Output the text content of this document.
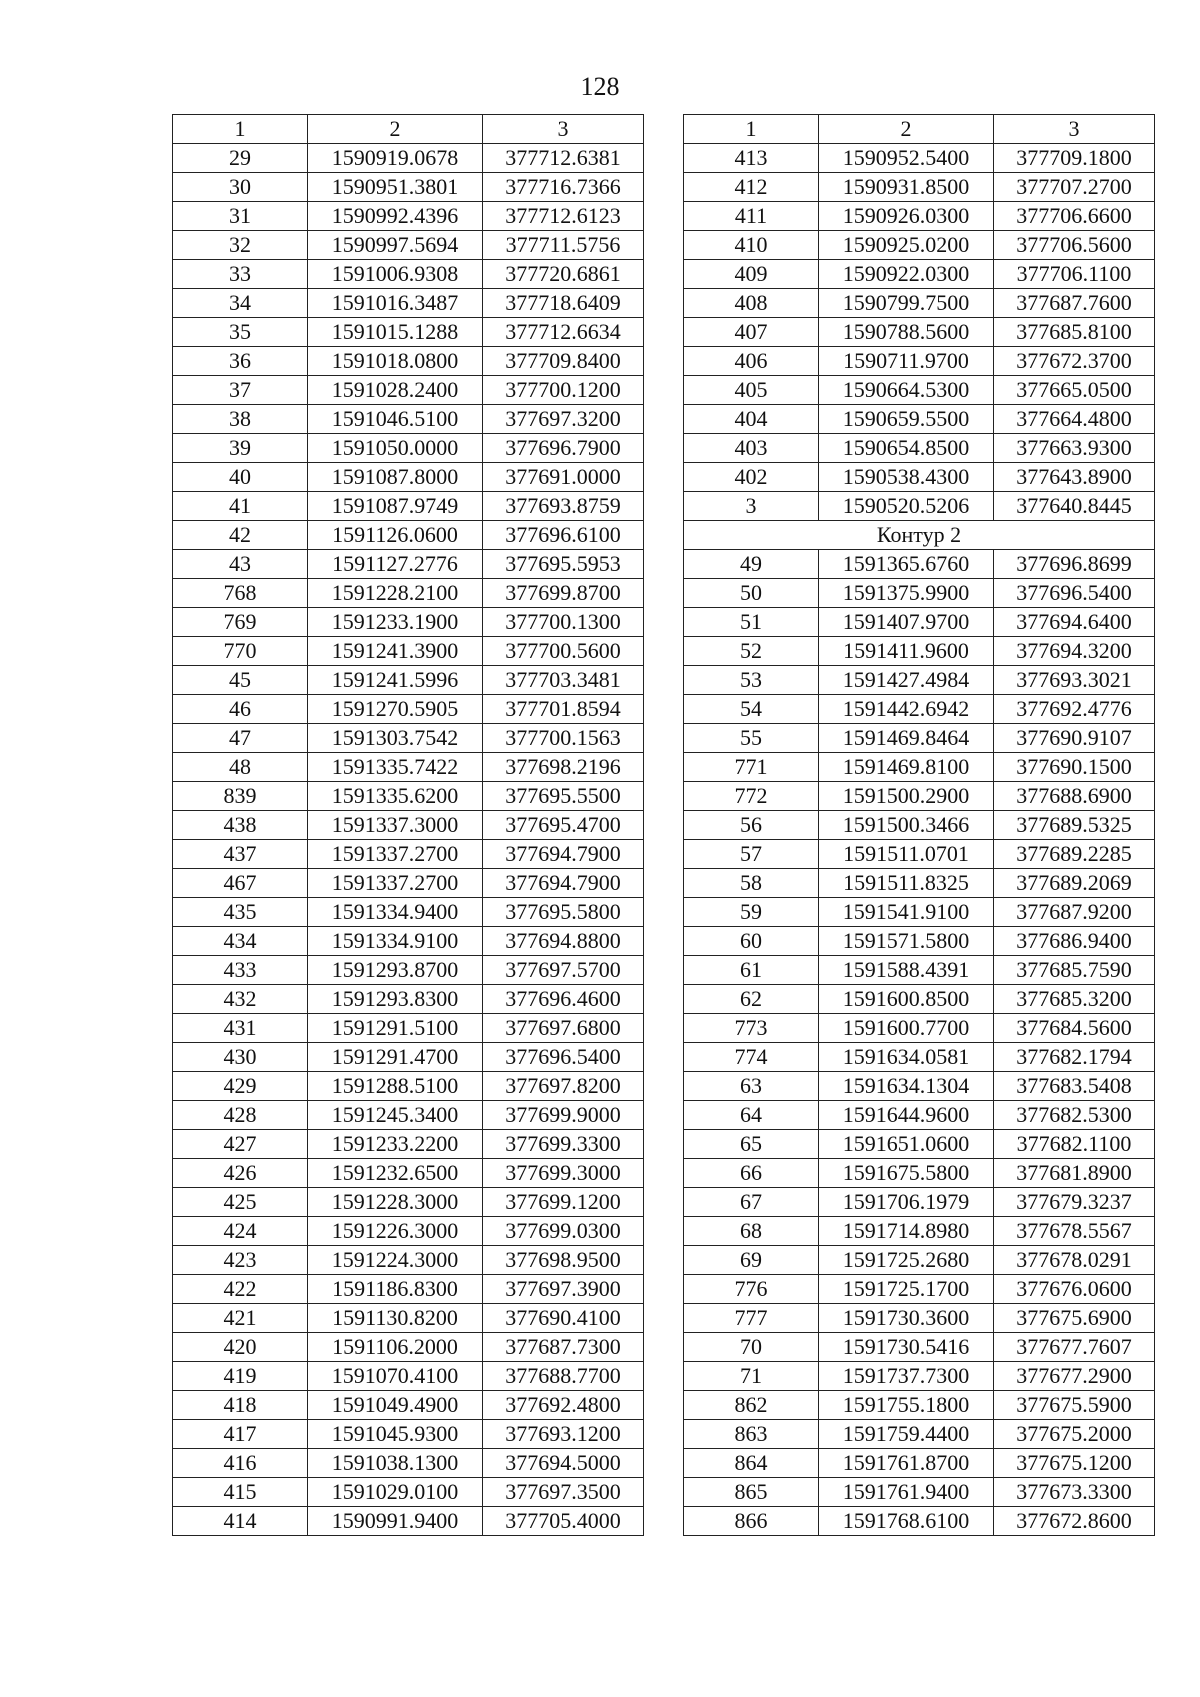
128
1	2	3
29	1590919.0678	377712.6381
30	1590951.3801	377716.7366
31	1590992.4396	377712.6123
32	1590997.5694	377711.5756
33	1591006.9308	377720.6861
34	1591016.3487	377718.6409
35	1591015.1288	377712.6634
36	1591018.0800	377709.8400
37	1591028.2400	377700.1200
38	1591046.5100	377697.3200
39	1591050.0000	377696.7900
40	1591087.8000	377691.0000
41	1591087.9749	377693.8759
42	1591126.0600	377696.6100
43	1591127.2776	377695.5953
768	1591228.2100	377699.8700
769	1591233.1900	377700.1300
770	1591241.3900	377700.5600
45	1591241.5996	377703.3481
46	1591270.5905	377701.8594
47	1591303.7542	377700.1563
48	1591335.7422	377698.2196
839	1591335.6200	377695.5500
438	1591337.3000	377695.4700
437	1591337.2700	377694.7900
467	1591337.2700	377694.7900
435	1591334.9400	377695.5800
434	1591334.9100	377694.8800
433	1591293.8700	377697.5700
432	1591293.8300	377696.4600
431	1591291.5100	377697.6800
430	1591291.4700	377696.5400
429	1591288.5100	377697.8200
428	1591245.3400	377699.9000
427	1591233.2200	377699.3300
426	1591232.6500	377699.3000
425	1591228.3000	377699.1200
424	1591226.3000	377699.0300
423	1591224.3000	377698.9500
422	1591186.8300	377697.3900
421	1591130.8200	377690.4100
420	1591106.2000	377687.7300
419	1591070.4100	377688.7700
418	1591049.4900	377692.4800
417	1591045.9300	377693.1200
416	1591038.1300	377694.5000
415	1591029.0100	377697.3500
414	1590991.9400	377705.4000
1	2	3
413	1590952.5400	377709.1800
412	1590931.8500	377707.2700
411	1590926.0300	377706.6600
410	1590925.0200	377706.5600
409	1590922.0300	377706.1100
408	1590799.7500	377687.7600
407	1590788.5600	377685.8100
406	1590711.9700	377672.3700
405	1590664.5300	377665.0500
404	1590659.5500	377664.4800
403	1590654.8500	377663.9300
402	1590538.4300	377643.8900
3	1590520.5206	377640.8445
Контур 2		
49	1591365.6760	377696.8699
50	1591375.9900	377696.5400
51	1591407.9700	377694.6400
52	1591411.9600	377694.3200
53	1591427.4984	377693.3021
54	1591442.6942	377692.4776
55	1591469.8464	377690.9107
771	1591469.8100	377690.1500
772	1591500.2900	377688.6900
56	1591500.3466	377689.5325
57	1591511.0701	377689.2285
58	1591511.8325	377689.2069
59	1591541.9100	377687.9200
60	1591571.5800	377686.9400
61	1591588.4391	377685.7590
62	1591600.8500	377685.3200
773	1591600.7700	377684.5600
774	1591634.0581	377682.1794
63	1591634.1304	377683.5408
64	1591644.9600	377682.5300
65	1591651.0600	377682.1100
66	1591675.5800	377681.8900
67	1591706.1979	377679.3237
68	1591714.8980	377678.5567
69	1591725.2680	377678.0291
776	1591725.1700	377676.0600
777	1591730.3600	377675.6900
70	1591730.5416	377677.7607
71	1591737.7300	377677.2900
862	1591755.1800	377675.5900
863	1591759.4400	377675.2000
864	1591761.8700	377675.1200
865	1591761.9400	377673.3300
866	1591768.6100	377672.8600
